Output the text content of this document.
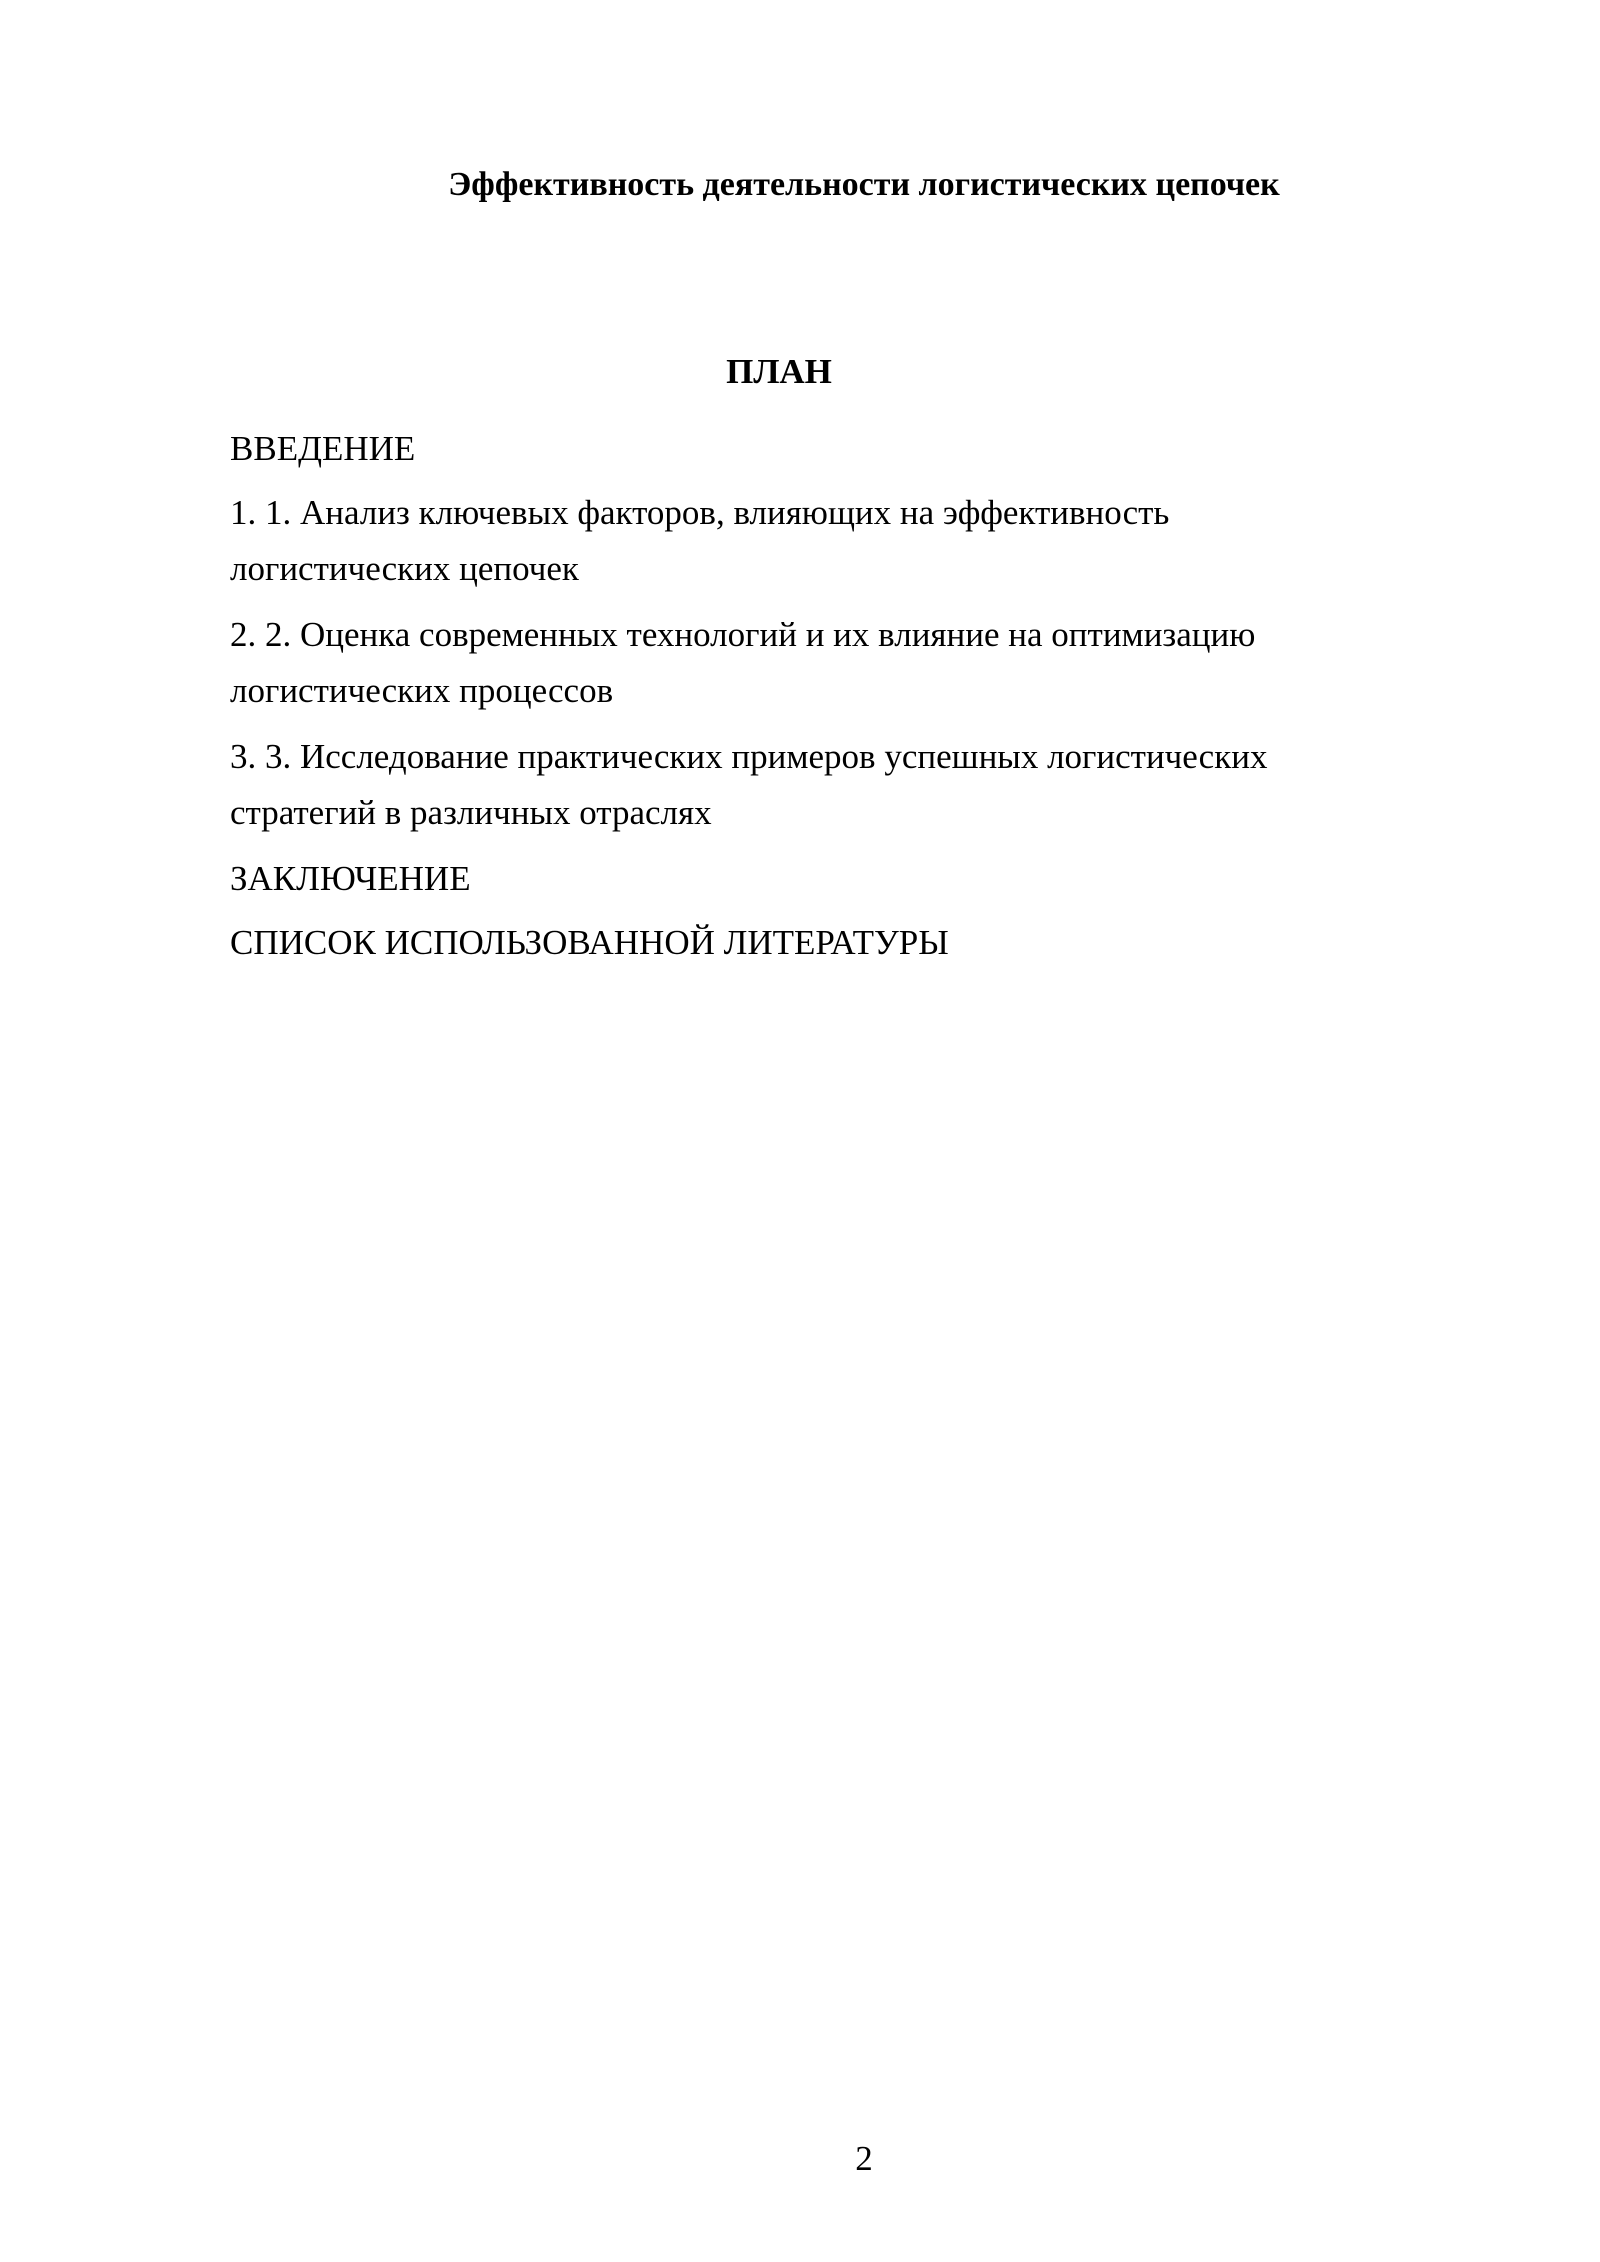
Эффективность деятельности логистических цепочек
ПЛАН
ВВЕДЕНИЕ
1. 1. Анализ ключевых факторов, влияющих на эффективность логистических цепочек
2. 2. Оценка современных технологий и их влияние на оптимизацию логистических процессов
3. 3. Исследование практических примеров успешных логистических стратегий в различных отраслях
ЗАКЛЮЧЕНИЕ
СПИСОК ИСПОЛЬЗОВАННОЙ ЛИТЕРАТУРЫ

2
